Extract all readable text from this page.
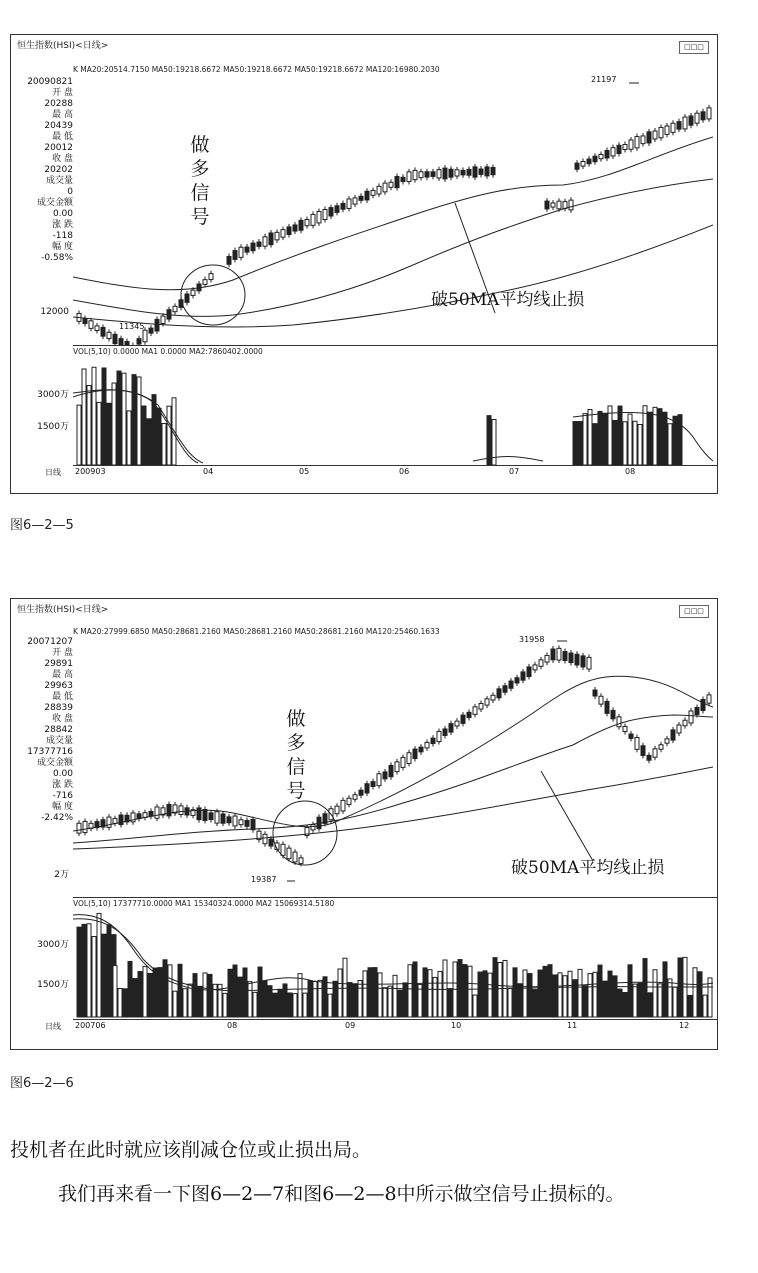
恒生指数(HSI)<日线>	□□□
K MA20:20514.7150 MA50:19218.6672 MA50:19218.6672 MA50:19218.6672 MA120:16980.2030
20090821
开 盘
20288
最 高
20439
最 低
20012
收 盘
20202
成交量
0
成交金额
0.00
涨 跌
-118
幅 度
-0.58%
12000
21197
11345
做
多
信
号
破50MA平均线止损
VOL(5,10) 0.0000 MA1 0.0000 MA2:7860402.0000
3000万
1500万
日线 200903	04	05	06	07	08
图6—2—5
恒生指数(HSI)<日线>	□□□
K MA20:27999.6850 MA50:28681.2160 MA50:28681.2160 MA50:28681.2160 MA120:25460.1633
20071207
开 盘
29891
最 高
29963
最 低
28839
收 盘
28842
成交量
17377716
成交金额
0.00
涨 跌
-716
幅 度
-2.42%
2万
31958
19387
做
多
信
号
破50MA平均线止损
VOL(5,10) 17377710.0000 MA1 15340324.0000 MA2 15069314.5180
3000万
1500万
日线 200706	08	09	10	11	12
图6—2—6
投机者在此时就应该削减仓位或止损出局。
我们再来看一下图6—2—7和图6—2—8中所示做空信号止损标的。
